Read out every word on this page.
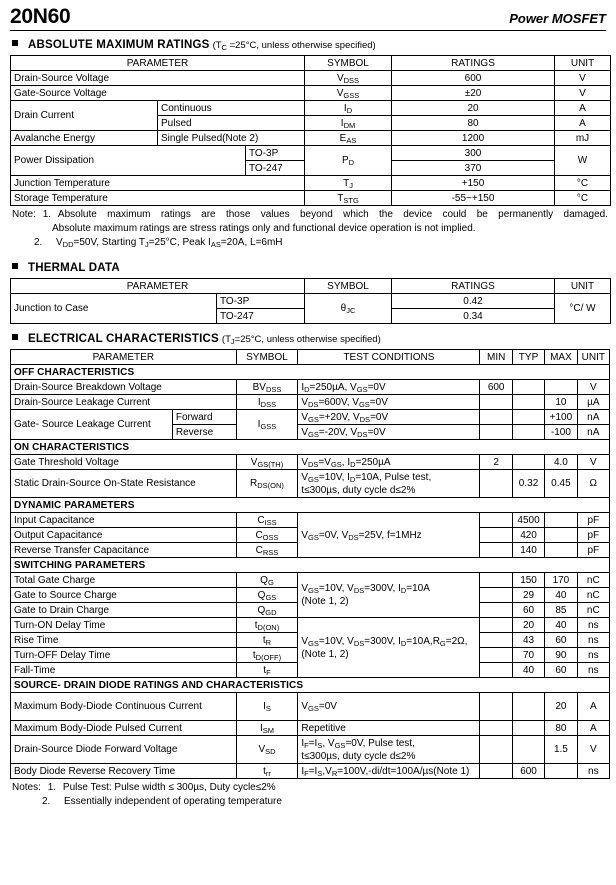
20N60	Power MOSFET
ABSOLUTE MAXIMUM RATINGS ($T_C =25^\circ C$, unless otherwise specified)
PARAMETER			SYMBOL	RATINGS	UNIT
Drain-Source Voltage			$V_{DSS}$	600	V
Gate-Source Voltage			$V_{GSS}$	±20	V
Drain Current	Continuous		$I_D$	20	A
	Pulsed		$I_{DM}$	80	A
Avalanche Energy	Single Pulsed(Note 2)		$E_{AS}$	1200	mJ
Power Dissipation		TO-3P	$P_D$	300	W
		TO-247		370	
Junction Temperature			$T_J$	+150	°C
Storage Temperature			$T_{STG}$	-55~+150	°C
Note: 1. Absolute maximum ratings are those values beyond which the device could be permanently damaged.
Absolute maximum ratings are stress ratings only and functional device operation is not implied.
2.	$V_{DD}=50V$, Starting $T_J=25^\circ C$, Peak $I_{AS}=20A$, L=6mH
THERMAL DATA
PARAMETER		SYMBOL	RATINGS	UNIT
Junction to Case	TO-3P	$\theta_{JC}$	0.42	°C/ W
	TO-247		0.34	
ELECTRICAL CHARACTERISTICS ($T_J=25^\circ C$, unless otherwise specified)
PARAMETER		SYMBOL	TEST CONDITIONS	MIN	TYP	MAX	UNIT
OFF CHARACTERISTICS							
Drain-Source Breakdown Voltage		$BV_{DSS}$	$I_D=250\mu A$, $V_{GS}=0V$	600			V
Drain-Source Leakage Current		$I_{DSS}$	$V_{DS}=600V$, $V_{GS}=0V$			10	µA
Gate- Source Leakage Current	Forward	$I_{GSS}$	$V_{GS}=+20V$, $V_{DS}=0V$			+100	nA
	Reverse		$V_{GS}=-20V$, $V_{DS}=0V$			-100	nA
ON CHARACTERISTICS							
Gate Threshold Voltage		$V_{GS(TH)}$	$V_{DS}=V_{GS}$, $I_D=250\mu A$	2		4.0	V
Static Drain-Source On-State Resistance		$R_{DS(ON)}$	$V_{GS}=10V$, $I_D=10A$, Pulse test,
t≤300µs, duty cycle d≤2%		0.32	0.45	Ω
DYNAMIC PARAMETERS							
Input Capacitance		$C_{ISS}$	$V_{GS}=0V$, $V_{DS}=25V$, f=1MHz		4500		pF
Output Capacitance		$C_{OSS}$			420		pF
Reverse Transfer Capacitance		$C_{RSS}$			140		pF
SWITCHING PARAMETERS							
Total Gate Charge		$Q_G$	$V_{GS}=10V$, $V_{DS}=300V$, $I_D=10A$
(Note 1, 2)		150	170	nC
Gate to Source Charge		$Q_{GS}$			29	40	nC
Gate to Drain Charge		$Q_{GD}$			60	85	nC
Turn-ON Delay Time		$t_{D(ON)}$	$V_{GS}=10V$, $V_{DS}=300V$, $I_D=10A,R_G=2\Omega$,
(Note 1, 2)		20	40	ns
Rise Time		$t_R$			43	60	ns
Turn-OFF Delay Time		$t_{D(OFF)}$			70	90	ns
Fall-Time		$t_F$			40	60	ns
SOURCE- DRAIN DIODE RATINGS AND CHARACTERISTICS							
Maximum Body-Diode Continuous Current		$I_S$	$V_{GS}=0V$			20	A
Maximum Body-Diode Pulsed Current		$I_{SM}$	Repetitive			80	A
Drain-Source Diode Forward Voltage		$V_{SD}$	$I_F=I_S$, $V_{GS}=0V$, Pulse test,
t≤300µs, duty cycle d≤2%			1.5	V
Body Diode Reverse Recovery Time		$t_{rr}$	$I_F=I_S,V_R=100V,-di/dt=100A/\mu s(Note$ 1)		600		ns
Notes: 1. Pulse Test: Pulse width ≤ 300µs, Duty cycle≤2%
2.	Essentially independent of operating temperature
